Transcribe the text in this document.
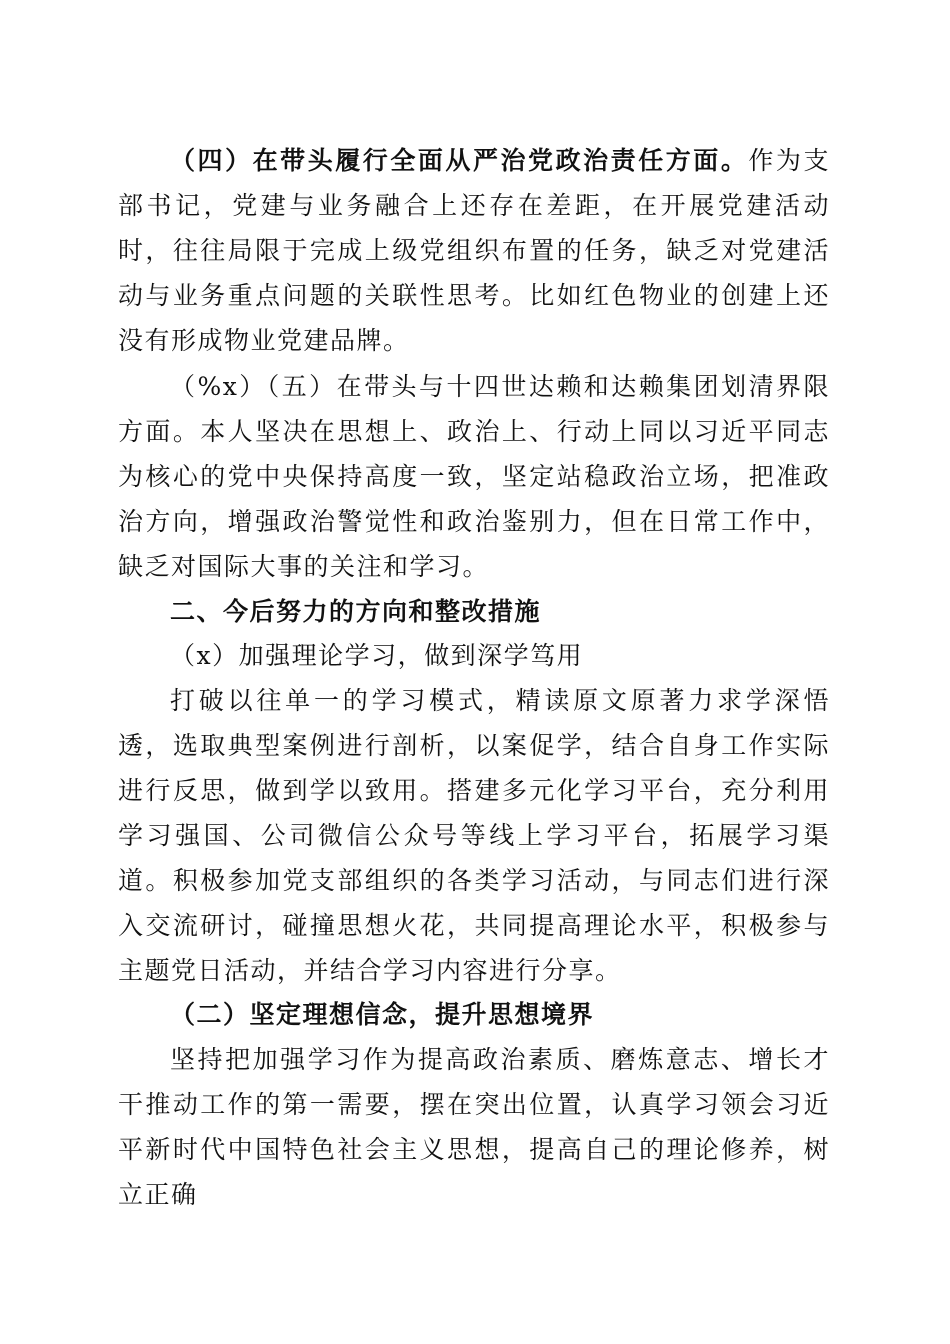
（四）在带头履行全面从严治党政治责任方面。作为支部书记，党建与业务融合上还存在差距，在开展党建活动时，往往局限于完成上级党组织布置的任务，缺乏对党建活动与业务重点问题的关联性思考。比如红色物业的创建上还没有形成物业党建品牌。

（%x）（五）在带头与十四世达赖和达赖集团划清界限方面。本人坚决在思想上、政治上、行动上同以习近平同志为核心的党中央保持高度一致，坚定站稳政治立场，把准政治方向，增强政治警觉性和政治鉴别力，但在日常工作中，缺乏对国际大事的关注和学习。

二、今后努力的方向和整改措施

（x）加强理论学习，做到深学笃用

打破以往单一的学习模式，精读原文原著力求学深悟透，选取典型案例进行剖析，以案促学，结合自身工作实际进行反思，做到学以致用。搭建多元化学习平台，充分利用学习强国、公司微信公众号等线上学习平台，拓展学习渠道。积极参加党支部组织的各类学习活动，与同志们进行深入交流研讨，碰撞思想火花，共同提高理论水平，积极参与主题党日活动，并结合学习内容进行分享。

（二）坚定理想信念，提升思想境界

坚持把加强学习作为提高政治素质、磨炼意志、增长才干推动工作的第一需要，摆在突出位置，认真学习领会习近平新时代中国特色社会主义思想，提高自己的理论修养，树立正确
